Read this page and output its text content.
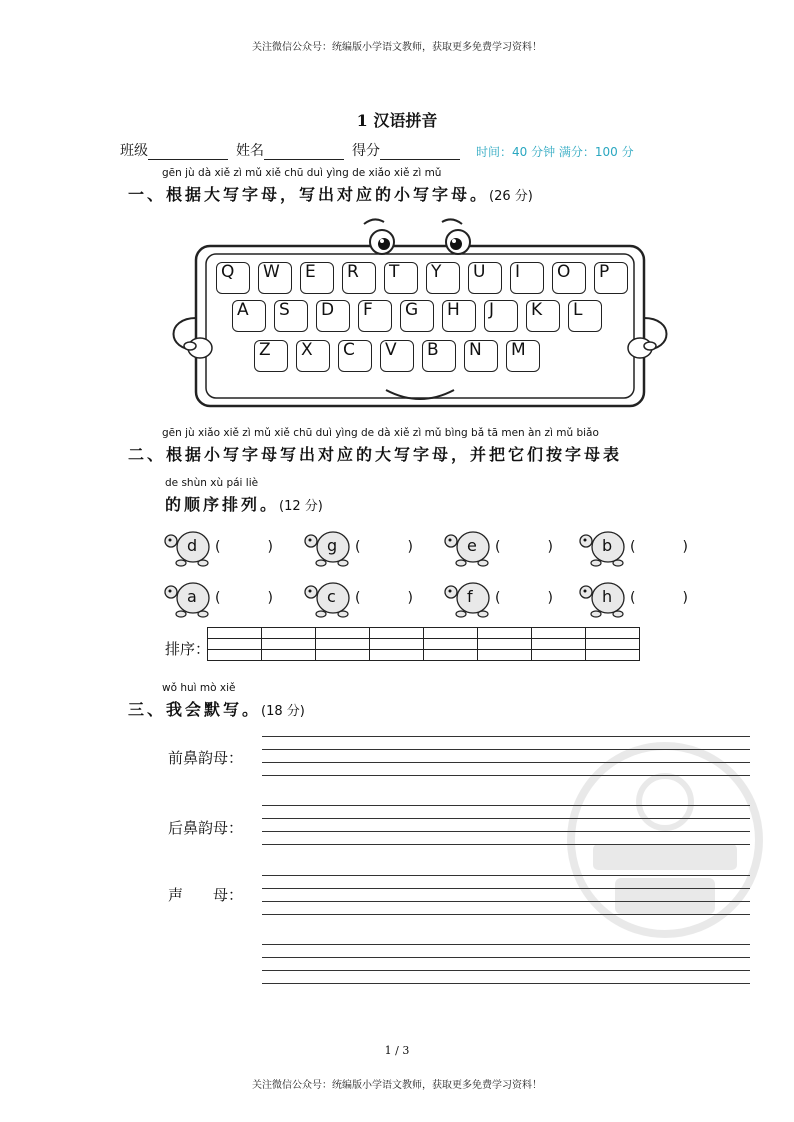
关注微信公众号：统编版小学语文教师，获取更多免费学习资料！
1 汉语拼音
班级	姓名	得分	时间：40 分钟 满分：100 分
gēn jù dà xiě zì mǔ xiě chū duì yìng de xiǎo xiě zì mǔ
一、根据大写字母，写出对应的小写字母。(26 分)
Q	W	E	R	T	Y	U	I	O	P
A	S	D	F	G	H	J	K	L
Z	X	C	V	B	N	M
gēn jù xiǎo xiě zì mǔ xiě chū duì yìng de dà xiě zì mǔ bìng bǎ tā men àn zì mǔ biǎo
二、根据小写字母写出对应的大写字母，并把它们按字母表
de shùn xù pái liè
的顺序排列。(12 分)
d (	)	g (	)	e (	)	b (	)
a (	)	c (	)	f (	)	h (	)
排序：

wǒ huì mò xiě
三、我会默写。(18 分)
前鼻韵母：
后鼻韵母：
声　　母：
1 / 3
关注微信公众号：统编版小学语文教师，获取更多免费学习资料！
